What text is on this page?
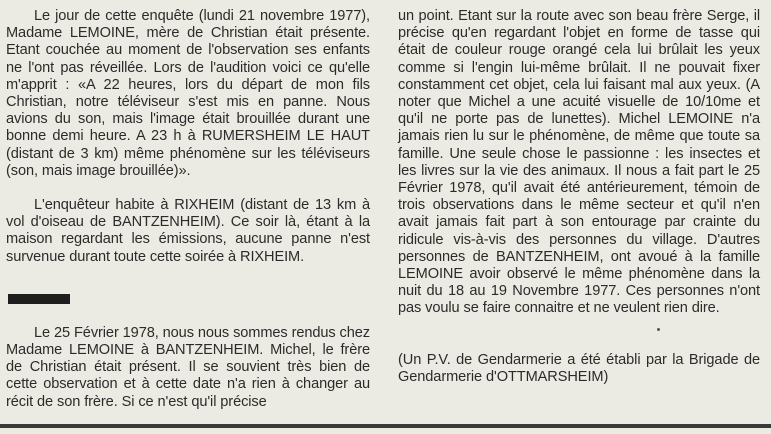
Le jour de cette enquête (lundi 21 novembre 1977), Madame LEMOINE, mère de Christian était présente. Etant couchée au moment de l'observation ses enfants ne l'ont pas réveillée. Lors de l'audition voici ce qu'elle m'apprit : «A 22 heures, lors du départ de mon fils Christian, notre téléviseur s'est mis en panne. Nous avions du son, mais l'image était brouillée durant une bonne demi heure. A 23 h à RUMERSHEIM LE HAUT (distant de 3 km) même phénomène sur les téléviseurs (son, mais image brouillée)».

L'enquêteur habite à RIXHEIM (distant de 13 km à vol d'oiseau de BANTZENHEIM). Ce soir là, étant à la maison regardant les émissions, aucune panne n'est survenue durant toute cette soirée à RIXHEIM.

Le 25 Février 1978, nous nous sommes rendus chez Madame LEMOINE à BANTZENHEIM. Michel, le frère de Christian était présent. Il se souvient très bien de cette observation et à cette date n'a rien à changer au récit de son frère. Si ce n'est qu'il précise

un point. Etant sur la route avec son beau frère Serge, il précise qu'en regardant l'objet en forme de tasse qui était de couleur rouge orangé cela lui brûlait les yeux comme si l'engin lui-même brûlait. Il ne pouvait fixer constamment cet objet, cela lui faisant mal aux yeux. (A noter que Michel a une acuité visuelle de 10/10me et qu'il ne porte pas de lunettes). Michel LEMOINE n'a jamais rien lu sur le phénomène, de même que toute sa famille. Une seule chose le passionne : les insectes et les livres sur la vie des animaux. Il nous a fait part le 25 Février 1978, qu'il avait été antérieurement, témoin de trois observations dans le même secteur et qu'il n'en avait jamais fait part à son entourage par crainte du ridicule vis-à-vis des personnes du village. D'autres personnes de BANTZENHEIM, ont avoué à la famille LEMOINE avoir observé le même phénomène dans la nuit du 18 au 19 Novembre 1977. Ces personnes n'ont pas voulu se faire connaitre et ne veulent rien dire.

(Un P.V. de Gendarmerie a été établi par la Brigade de Gendarmerie d'OTTMARSHEIM)
